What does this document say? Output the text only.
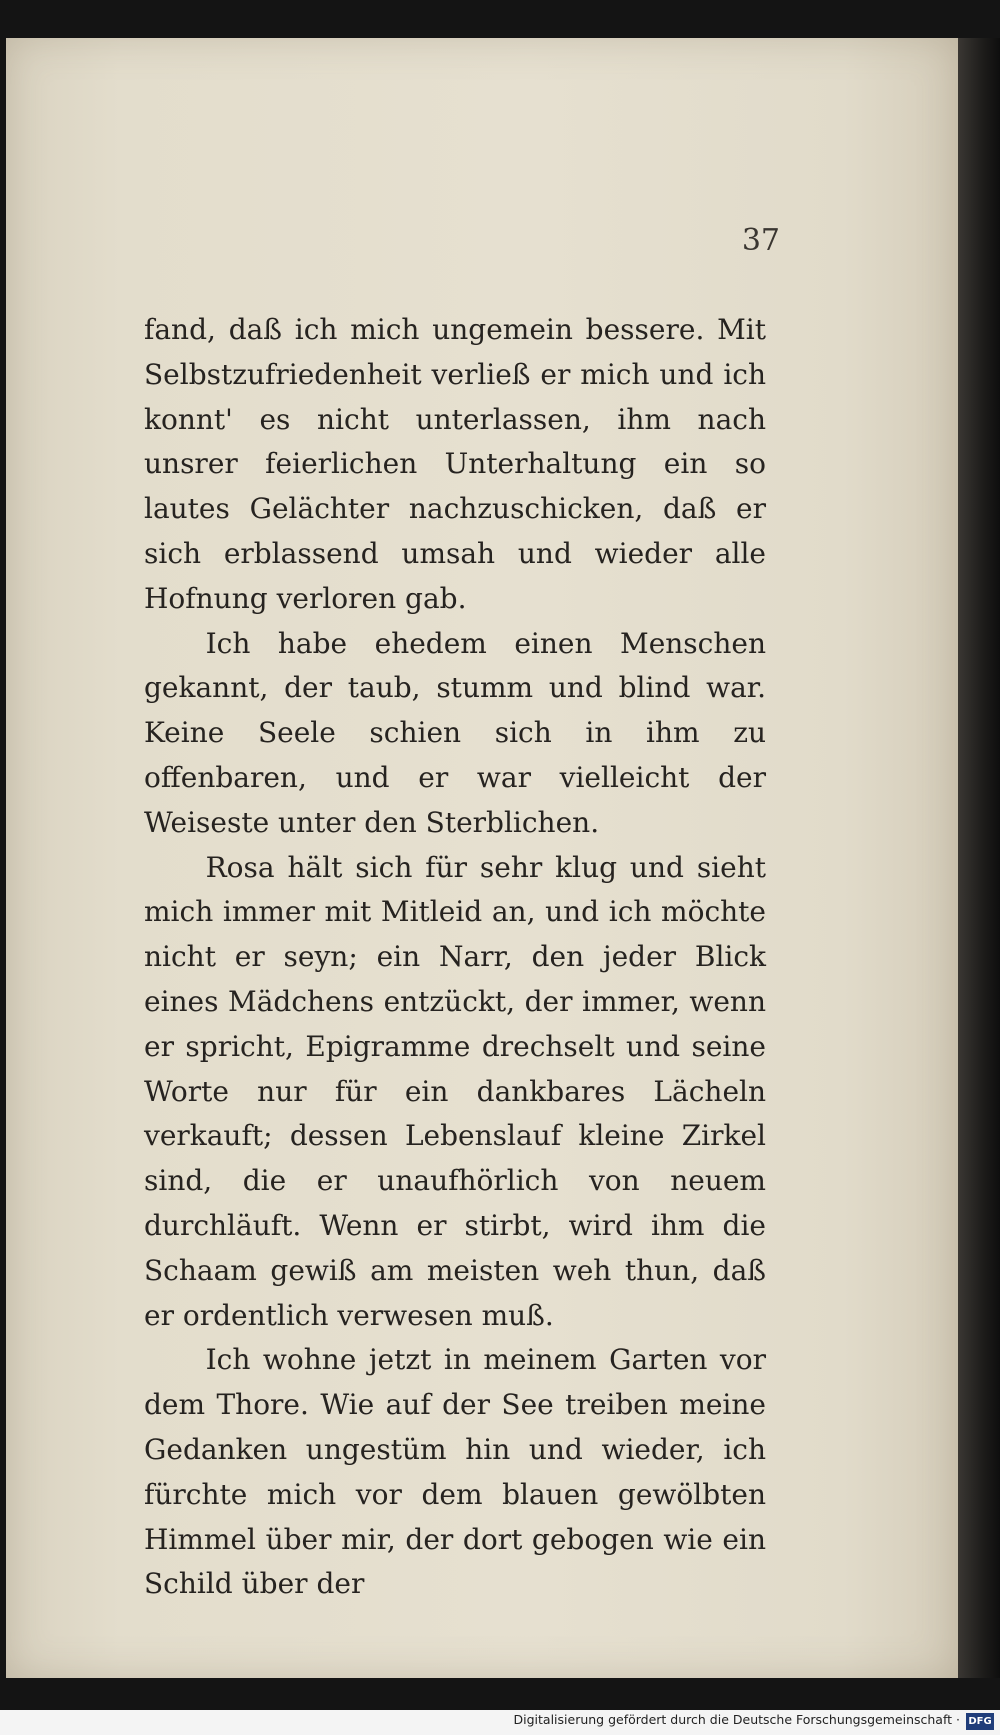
37

fand, daß ich mich ungemein bessere. Mit Selbstzufriedenheit verließ er mich und ich konnt' es nicht unterlassen, ihm nach unsrer feierlichen Unterhaltung ein so lautes Gelächter nachzuschicken, daß er sich erblassend umsah und wieder alle Hofnung verloren gab.

Ich habe ehedem einen Menschen gekannt, der taub, stumm und blind war. Keine Seele schien sich in ihm zu offenbaren, und er war vielleicht der Weiseste unter den Sterblichen.

Rosa hält sich für sehr klug und sieht mich immer mit Mitleid an, und ich möchte nicht er seyn; ein Narr, den jeder Blick eines Mädchens entzückt, der immer, wenn er spricht, Epigramme drechselt und seine Worte nur für ein dankbares Lächeln verkauft; dessen Lebenslauf kleine Zirkel sind, die er unaufhörlich von neuem durchläuft. Wenn er stirbt, wird ihm die Schaam gewiß am meisten weh thun, daß er ordentlich verwesen muß.

Ich wohne jetzt in meinem Garten vor dem Thore. Wie auf der See treiben meine Gedanken ungestüm hin und wieder, ich fürchte mich vor dem blauen gewölbten Himmel über mir, der dort gebogen wie ein Schild über der

Digitalisierung gefördert durch die Deutsche Forschungsgemeinschaft · DFG
